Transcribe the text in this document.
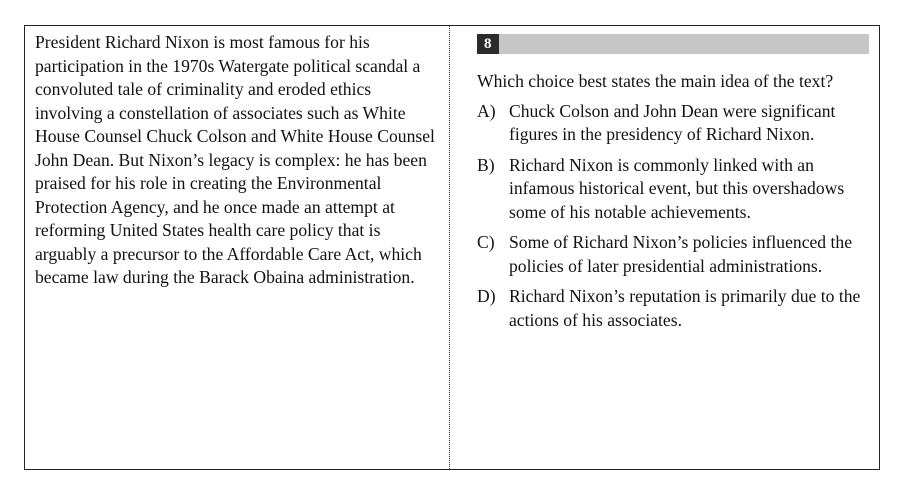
President Richard Nixon is most famous for his participation in the 1970s Watergate political scandal a convoluted tale of criminality and eroded ethics involving a constellation of associates such as White House Counsel Chuck Colson and White House Counsel John Dean. But Nixon’s legacy is complex: he has been praised for his role in creating the Environmental Protection Agency, and he once made an attempt at reforming United States health care policy that is arguably a precursor to the Affordable Care Act, which became law during the Barack Obaina administration.

8

Which choice best states the main idea of the text?

A) Chuck Colson and John Dean were significant figures in the presidency of Richard Nixon.
B) Richard Nixon is commonly linked with an infamous historical event, but this overshadows some of his notable achievements.
C) Some of Richard Nixon’s policies influenced the policies of later presidential administrations.
D) Richard Nixon’s reputation is primarily due to the actions of his associates.
